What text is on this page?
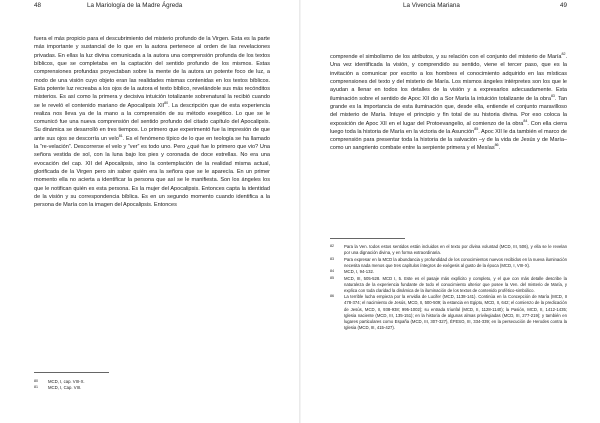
48	La Mariología de la Madre Ágreda

fuera el más propicio para el descubrimiento del misterio profundo de la Virgen. Esta es la parte más importante y sustancial de lo que en la autora pertenece al orden de las revelaciones privadas. En ellas la luz divina comunicada a la autora una comprensión profunda de los textos bíblicos, que se completaba en la captación del sentido profundo de los mismos. Estas comprensiones profundas proyectaban sobre la mente de la autora un potente foco de luz, a modo de una visión cuyo objeto eran las realidades mismas contenidas en los textos bíblicos. Esta potente luz recreaba a los ojos de la autora el texto bíblico, revelándole sus más recónditos misterios. Es así como la primera y decisiva intuición totalizante sobrenatural la recibió cuando se le reveló el contenido mariano de Apocalipsis XII$^{80}$. La descripción que de esta experiencia realiza nos lleva ya de la mano a la comprensión de su método exegético. Lo que se le comunicó fue una nueva comprensión del sentido profundo del citado capítulo del Apocalipsis. Su dinámica se desarrolló en tres tiempos. Lo primero que experimentó fue la impresión de que ante sus ojos se descorría un velo$^{81}$. Es el fenómeno típico de lo que en teología se ha llamado la “re-velación”. Descorrerse el velo y “ver” es todo uno. Pero ¿qué fue lo primero que vio? Una señora vestida de sol, con la luna bajo los pies y coronada de doce estrellas. No era una evocación del cap. XII del Apocalipsis, sino la contemplación de la realidad misma actual, glorificada de la Virgen pero sin saber quién era la señora que se le aparecía. En un primer momento ella no acierta a identificar la persona que así se le manifiesta. Son los ángeles los que le notifican quién es esta persona. Es la mujer del Apocalipsis. Entonces capta la identidad de la visión y su correspondencia bíblica. Es en un segundo momento cuando identifica a la persona de María con la imagen del Apocalipsis. Entonces

80	MCD, I, cap. VIII-X.
81	MCD, I, Cap. VIII.
La Vivencia Mariana	49

comprende el simbolismo de los atributos, y su relación con el conjunto del misterio de María$^{82}$. Una vez identificada la visión, y comprendido su sentido, viene el tercer paso, que es la invitación a comunicar por escrito a los hombres el conocimiento adquirido en las místicas comprensiones del texto y del misterio de María. Los mismos ángeles intérpretes son los que le ayudan a llenar en todos los detalles de la visión y a expresarlos adecuadamente. Esta iluminación sobre el sentido de Apoc XII dio a Sor María la intuición totalizante de la obra$^{83}$. Tan grande es la importancia de esta iluminación que, desde ella, entiende el conjunto maravilloso del misterio de María. Intuye el principio y fin total de su historia divina. Por eso coloca la exposición de Apoc XII en el lugar del Protoevangelio, al comienzo de la obra$^{84}$. Con ella cierra luego toda la historia de María en la victoria de la Asunción$^{85}$. Apoc XII le da también el marco de comprensión para presentar toda la historia de la salvación –y de la vida de Jesús y de María– como un sangriento combate entre la serpiente primera y el Mesías$^{86}$.

82	Para la Ven. todos estos sentidos están incluidos en el texto por divina voluntad (MCD, III, 506), y ella se le revelan por una dignación divina, y en forma extraordinaria.
83	Para expresar en la MCD la abundancia y profundidad de los conocimientos nuevos recibidos en la nueva iluminación necesita nada menos que tres capítulos íntegros de exégesis al gusto de la época (MCD, I, VIII-X).
84	MCD, I, 94-132.
85	MCD, III, 505-528. MCD I, 5. Este es el pasaje más explícito y completo, y el que con más detalle describe la naturaleza de la experiencia fundante de todo el conocimiento ulterior que posee la Ven. del misterio de María, y explica con toda claridad la dinámica de la iluminación de los textos de contenido profético-simbólico.
86	La terrible lucha empieza por la envidia de Lucifer (MCD, 1138-141). Continúa en la Concepción de María (MCD, II 478-374; el nacimiento de Jesús, MCD, II, 500-509; la estancia en Egipto, MCD, II, 642; el comienzo de la predicación de Jesús, MCD, II, 938-938; 995-1002); su entrada triunfal (MCD, II, 1128-1140); la Pasión, MCD, II, 1412-1435; Iglesia naciente (MCD, III, 135-151); en la historia de algunas almas privilegiadas (MCD, III, 277-219); y también en lugares particulares como España (MCD, III, 307-327), ÉFESO, III, 334-339; en la persecución de Herodes contra la Iglesia (MCD, III, 415-427).
